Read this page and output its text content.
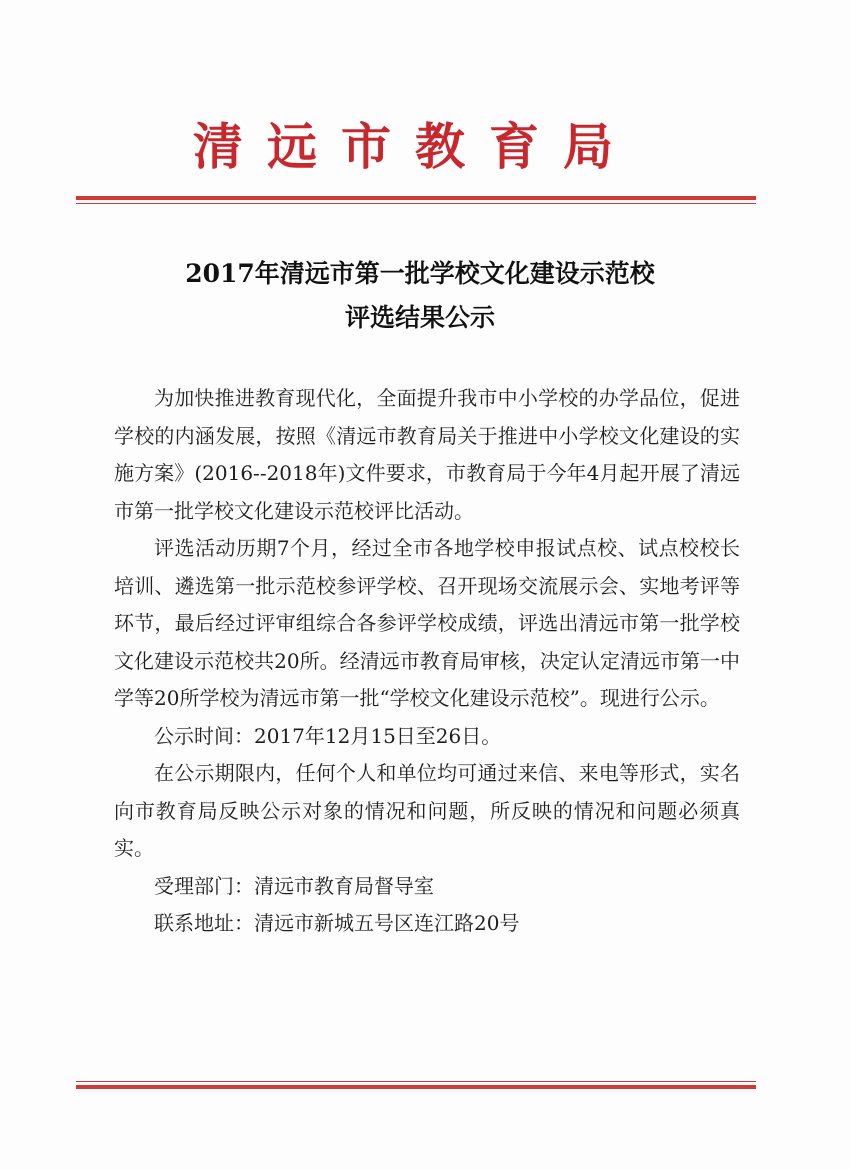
清远市教育局
2017年清远市第一批学校文化建设示范校
评选结果公示

为加快推进教育现代化，全面提升我市中小学校的办学品位，促进学校的内涵发展，按照《清远市教育局关于推进中小学校文化建设的实施方案》(2016--2018年)文件要求，市教育局于今年4月起开展了清远市第一批学校文化建设示范校评比活动。

评选活动历期7个月，经过全市各地学校申报试点校、试点校校长培训、遴选第一批示范校参评学校、召开现场交流展示会、实地考评等环节，最后经过评审组综合各参评学校成绩，评选出清远市第一批学校文化建设示范校共20所。经清远市教育局审核，决定认定清远市第一中学等20所学校为清远市第一批“学校文化建设示范校”。现进行公示。

公示时间：2017年12月15日至26日。

在公示期限内，任何个人和单位均可通过来信、来电等形式，实名向市教育局反映公示对象的情况和问题，所反映的情况和问题必须真实。

受理部门：清远市教育局督导室

联系地址：清远市新城五号区连江路20号
